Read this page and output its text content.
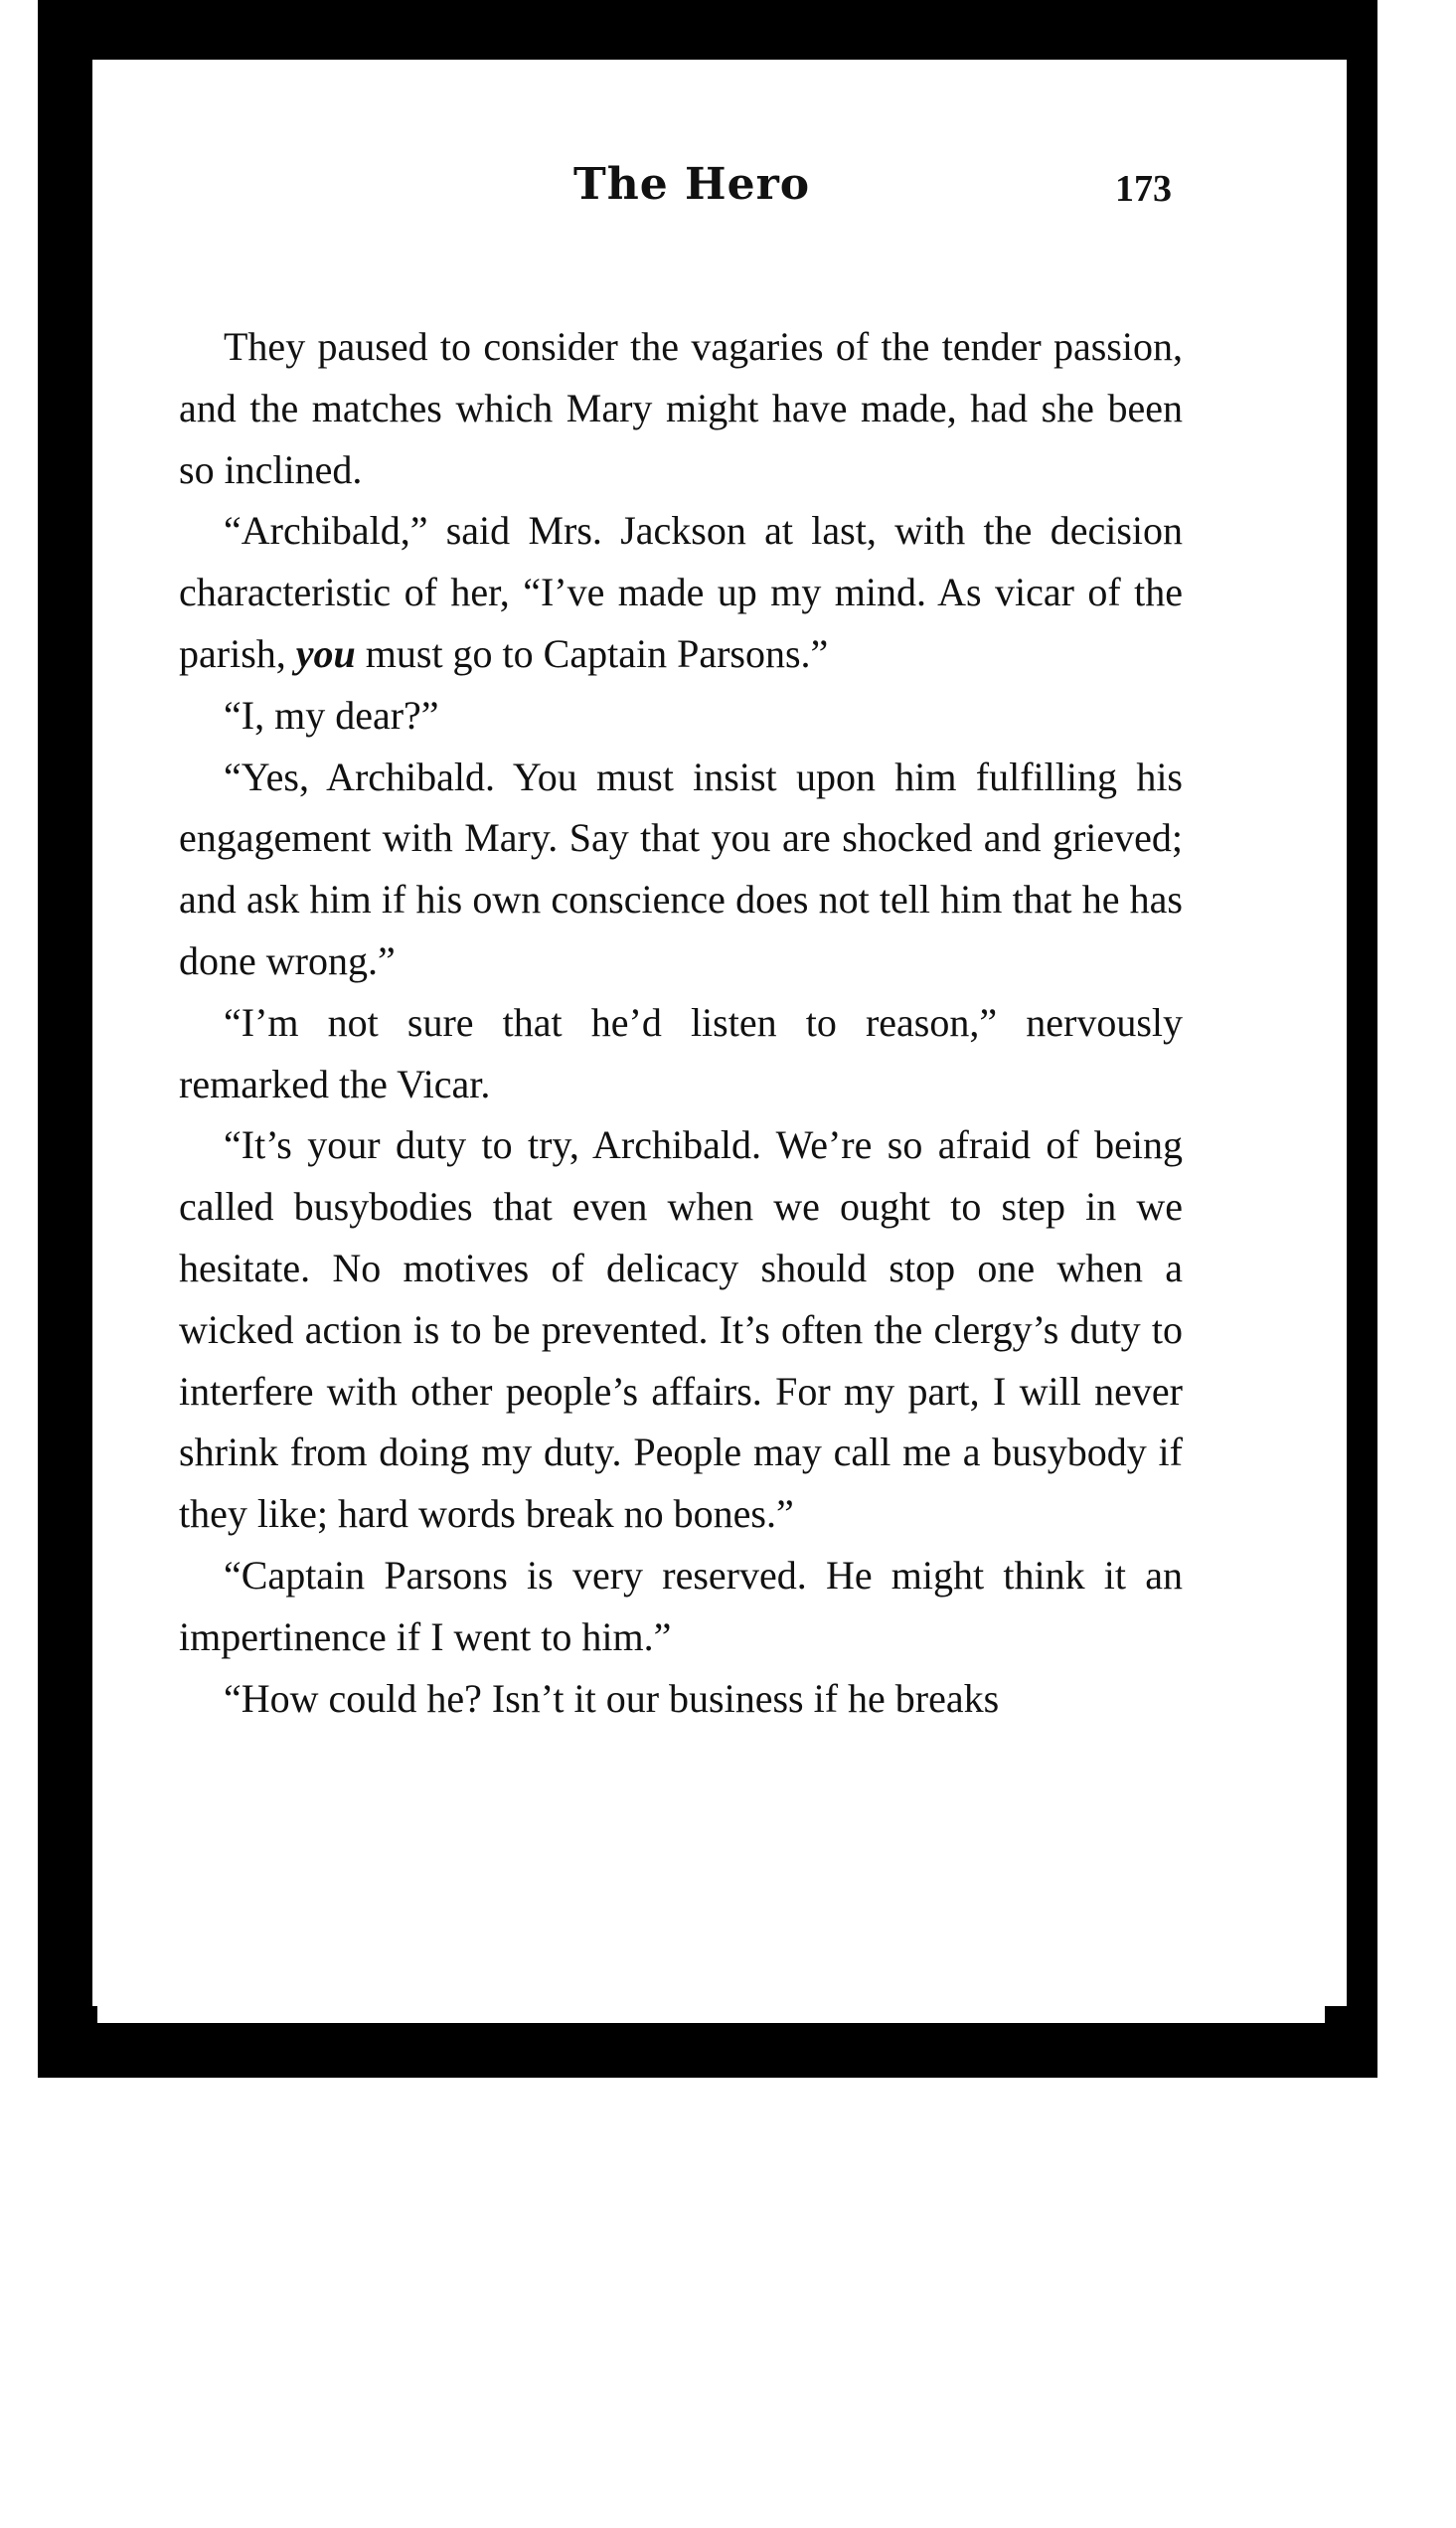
The Hero	173

They paused to consider the vagaries of the tender passion, and the matches which Mary might have made, had she been so inclined.

“Archibald,” said Mrs. Jackson at last, with the decision characteristic of her, “I’ve made up my mind. As vicar of the parish, you must go to Captain Parsons.”

“I, my dear?”

“Yes, Archibald. You must insist upon him fulfilling his engagement with Mary. Say that you are shocked and grieved; and ask him if his own conscience does not tell him that he has done wrong.”

“I’m not sure that he’d listen to reason,” nervously remarked the Vicar.

“It’s your duty to try, Archibald. We’re so afraid of being called busybodies that even when we ought to step in we hesitate. No motives of delicacy should stop one when a wicked action is to be prevented. It’s often the clergy’s duty to interfere with other people’s affairs. For my part, I will never shrink from doing my duty. People may call me a busybody if they like; hard words break no bones.”

“Captain Parsons is very reserved. He might think it an impertinence if I went to him.”

“How could he? Isn’t it our business if he breaks
